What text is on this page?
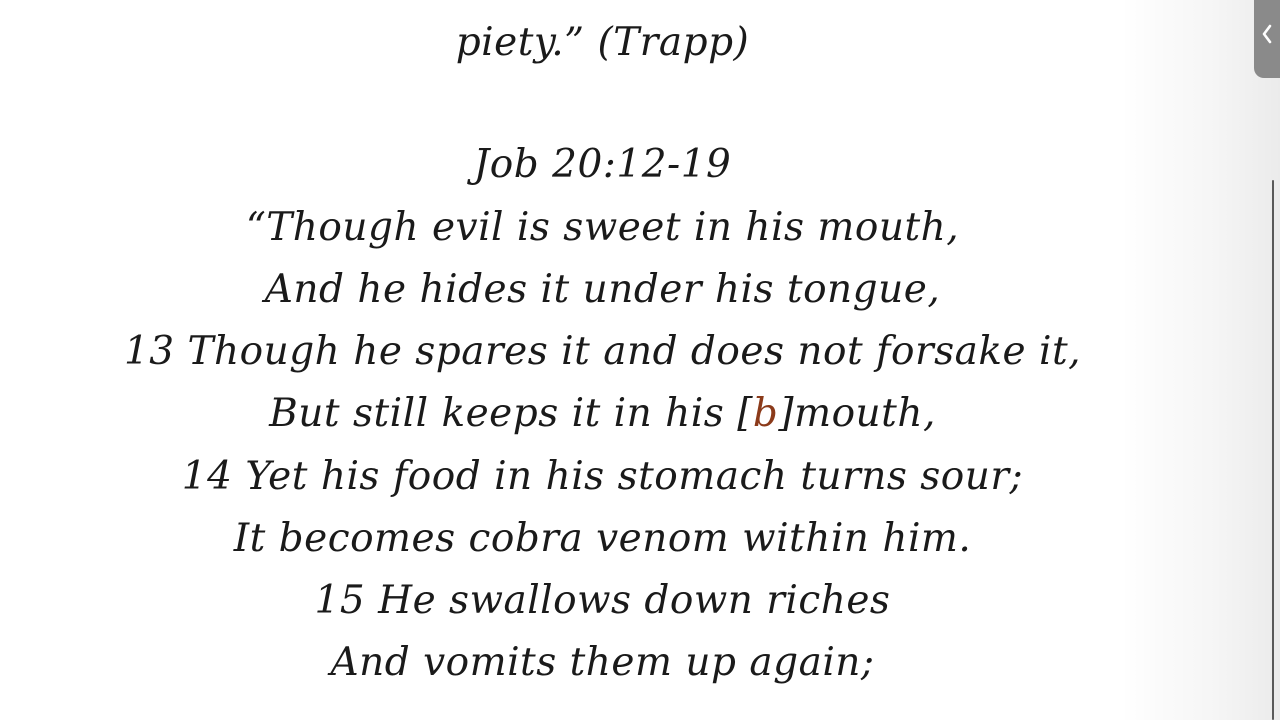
piety.” (Trapp)
Job 20:12-19
“Though evil is sweet in his mouth,
And he hides it under his tongue,
13 Though he spares it and does not forsake it,
But still keeps it in his [b]mouth,
14 Yet his food in his stomach turns sour;
It becomes cobra venom within him.
15 He swallows down riches
And vomits them up again;
